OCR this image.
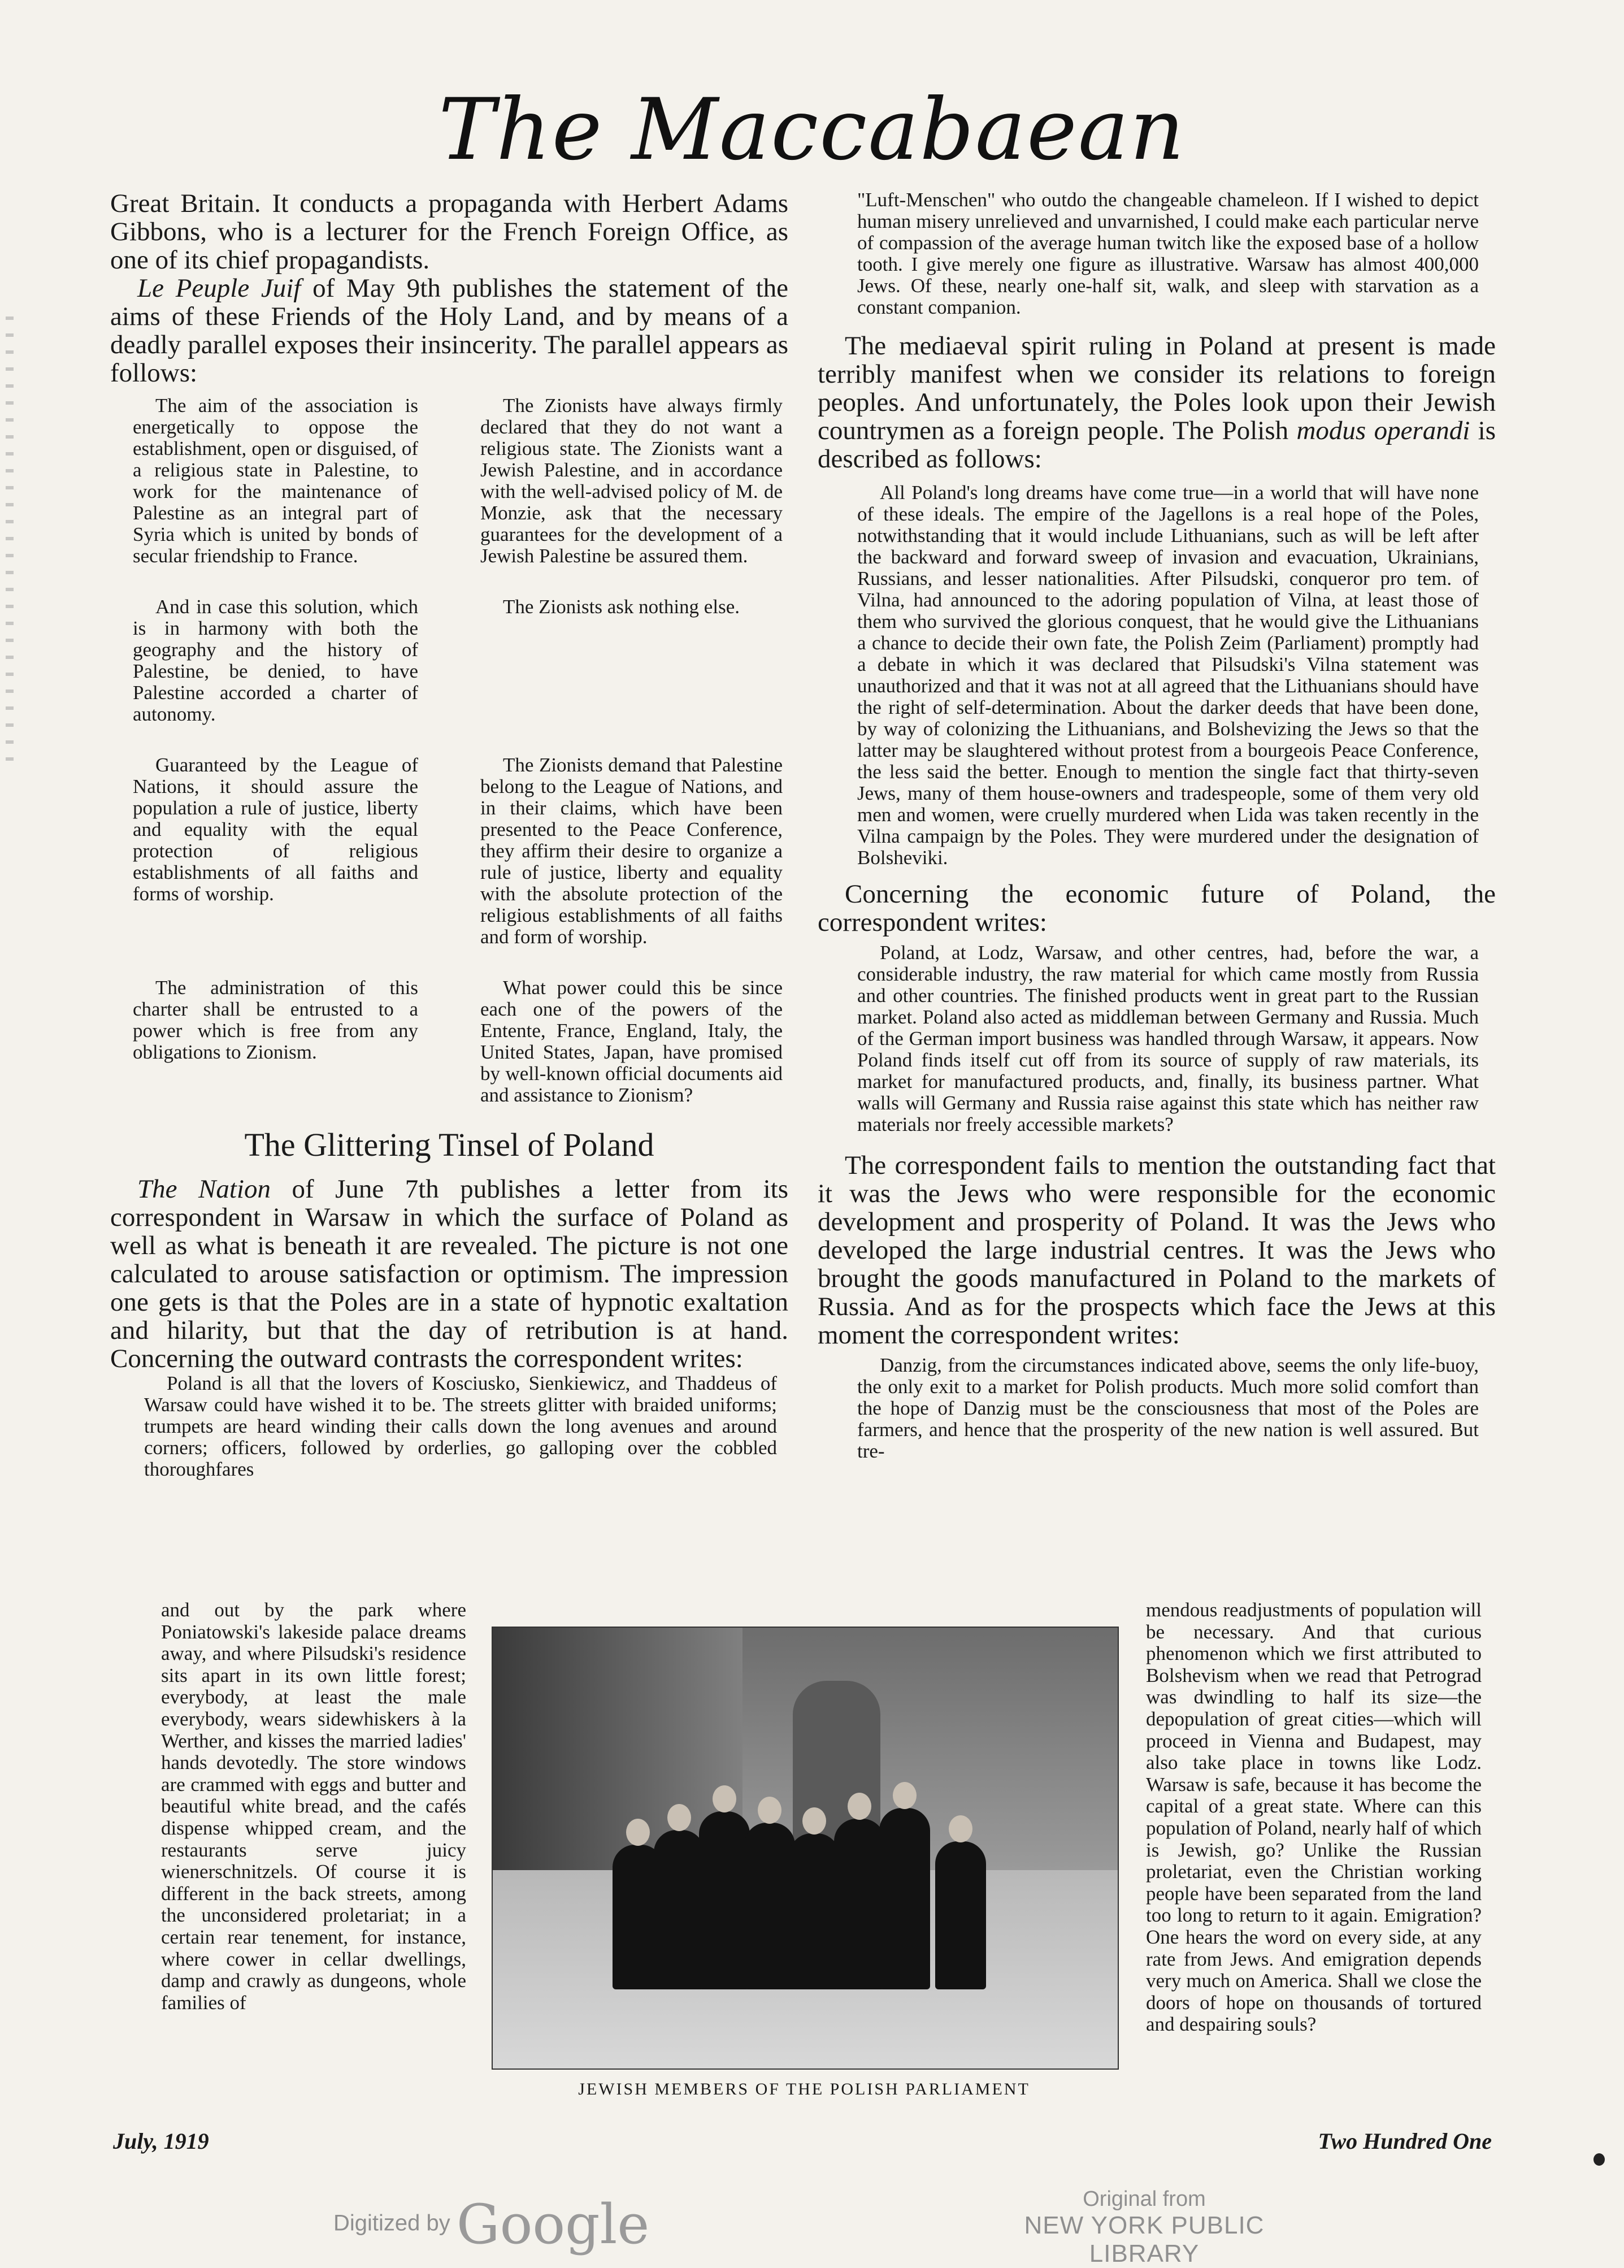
The Maccabaean

Great Britain. It conducts a propaganda with Herbert Adams Gibbons, who is a lecturer for the French Foreign Office, as one of its chief propagandists.

Le Peuple Juif of May 9th publishes the statement of the aims of these Friends of the Holy Land, and by means of a deadly parallel exposes their insincerity. The parallel appears as follows:

The aim of the association is energetically to oppose the establishment, open or disguised, of a religious state in Palestine, to work for the maintenance of Palestine as an integral part of Syria which is united by bonds of secular friendship to France.
The Zionists have always firmly declared that they do not want a religious state. The Zionists want a Jewish Palestine, and in accordance with the well-advised policy of M. de Monzie, ask that the necessary guarantees for the development of a Jewish Palestine be assured them.
And in case this solution, which is in harmony with both the geography and the history of Palestine, be denied, to have Palestine accorded a charter of autonomy.
The Zionists ask nothing else.
Guaranteed by the League of Nations, it should assure the population a rule of justice, liberty and equality with the equal protection of religious establishments of all faiths and forms of worship.
The Zionists demand that Palestine belong to the League of Nations, and in their claims, which have been presented to the Peace Conference, they affirm their desire to organize a rule of justice, liberty and equality with the absolute protection of the religious establishments of all faiths and form of worship.
The administration of this charter shall be entrusted to a power which is free from any obligations to Zionism.
What power could this be since each one of the powers of the Entente, France, England, Italy, the United States, Japan, have promised by well-known official documents aid and assistance to Zionism?
The Glittering Tinsel of Poland

The Nation of June 7th publishes a letter from its correspondent in Warsaw in which the surface of Poland as well as what is beneath it are revealed. The picture is not one calculated to arouse satisfaction or optimism. The impression one gets is that the Poles are in a state of hypnotic exaltation and hilarity, but that the day of retribution is at hand. Concerning the outward contrasts the correspondent writes:

Poland is all that the lovers of Kosciusko, Sienkiewicz, and Thaddeus of Warsaw could have wished it to be. The streets glitter with braided uniforms; trumpets are heard winding their calls down the long avenues and around corners; officers, followed by orderlies, go galloping over the cobbled thoroughfares

and out by the park where Poniatowski's lakeside palace dreams away, and where Pilsudski's residence sits apart in its own little forest; everybody, at least the male everybody, wears sidewhiskers à la Werther, and kisses the married ladies' hands devotedly. The store windows are crammed with eggs and butter and beautiful white bread, and the cafés dispense whipped cream, and the restaurants serve juicy wienerschnitzels. Of course it is different in the back streets, among the unconsidered proletariat; in a certain rear tenement, for instance, where cower in cellar dwellings, damp and crawly as dungeons, whole families of

"Luft-Menschen" who outdo the changeable chameleon. If I wished to depict human misery unrelieved and unvarnished, I could make each particular nerve of compassion of the average human twitch like the exposed base of a hollow tooth. I give merely one figure as illustrative. Warsaw has almost 400,000 Jews. Of these, nearly one-half sit, walk, and sleep with starvation as a constant companion.

The mediaeval spirit ruling in Poland at present is made terribly manifest when we consider its relations to foreign peoples. And unfortunately, the Poles look upon their Jewish countrymen as a foreign people. The Polish modus operandi is described as follows:

All Poland's long dreams have come true—in a world that will have none of these ideals. The empire of the Jagellons is a real hope of the Poles, notwithstanding that it would include Lithuanians, such as will be left after the backward and forward sweep of invasion and evacuation, Ukrainians, Russians, and lesser nationalities. After Pilsudski, conqueror pro tem. of Vilna, had announced to the adoring population of Vilna, at least those of them who survived the glorious conquest, that he would give the Lithuanians a chance to decide their own fate, the Polish Zeim (Parliament) promptly had a debate in which it was declared that Pilsudski's Vilna statement was unauthorized and that it was not at all agreed that the Lithuanians should have the right of self-determination. About the darker deeds that have been done, by way of colonizing the Lithuanians, and Bolshevizing the Jews so that the latter may be slaughtered without protest from a bourgeois Peace Conference, the less said the better. Enough to mention the single fact that thirty-seven Jews, many of them house-owners and tradespeople, some of them very old men and women, were cruelly murdered when Lida was taken recently in the Vilna campaign by the Poles. They were murdered under the designation of Bolsheviki.

Concerning the economic future of Poland, the correspondent writes:

Poland, at Lodz, Warsaw, and other centres, had, before the war, a considerable industry, the raw material for which came mostly from Russia and other countries. The finished products went in great part to the Russian market. Poland also acted as middleman between Germany and Russia. Much of the German import business was handled through Warsaw, it appears. Now Poland finds itself cut off from its source of supply of raw materials, its market for manufactured products, and, finally, its business partner. What walls will Germany and Russia raise against this state which has neither raw materials nor freely accessible markets?

The correspondent fails to mention the outstanding fact that it was the Jews who were responsible for the economic development and prosperity of Poland. It was the Jews who developed the large industrial centres. It was the Jews who brought the goods manufactured in Poland to the markets of Russia. And as for the prospects which face the Jews at this moment the correspondent writes:

Danzig, from the circumstances indicated above, seems the only life-buoy, the only exit to a market for Polish products. Much more solid comfort than the hope of Danzig must be the consciousness that most of the Poles are farmers, and hence that the prosperity of the new nation is well assured. But tre-

mendous readjustments of population will be necessary. And that curious phenomenon which we first attributed to Bolshevism when we read that Petrograd was dwindling to half its size—the depopulation of great cities—which will proceed in Vienna and Budapest, may also take place in towns like Lodz. Warsaw is safe, because it has become the capital of a great state. Where can this population of Poland, nearly half of which is Jewish, go? Unlike the Russian proletariat, even the Christian working people have been separated from the land too long to return to it again. Emigration? One hears the word on every side, at any rate from Jews. And emigration depends very much on America. Shall we close the doors of hope on thousands of tortured and despairing souls?
JEWISH MEMBERS OF THE POLISH PARLIAMENT
July, 1919	Two Hundred One
Digitized by Google	Original from
NEW YORK PUBLIC LIBRARY
